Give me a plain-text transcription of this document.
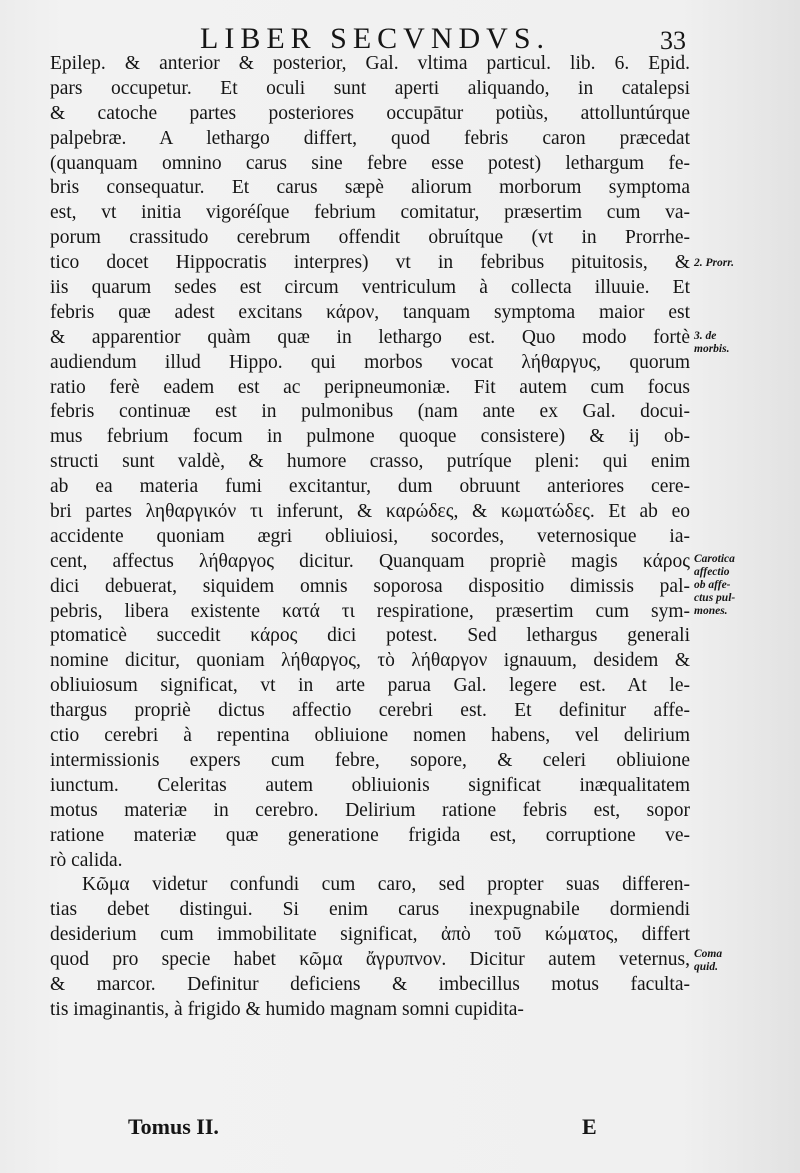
LIBER SECVNDVS.	33
Epilep. & anterior & posterior, Gal. vltima particul. lib. 6. Epid.
pars occupetur. Et oculi sunt aperti aliquando, in catalepsi
& catoche partes posteriores occupātur potiùs, attolluntúrque
palpebræ. A lethargo differt, quod febris caron præcedat
(quanquam omnino carus sine febre esse potest) lethargum fe-
bris consequatur. Et carus sæpè aliorum morborum symptoma
est, vt initia vigoréſque febrium comitatur, præsertim cum va-
porum crassitudo cerebrum offendit obruítque (vt in Prorrhe-
tico docet Hippocratis interpres) vt in febribus pituitosis, &
iis quarum sedes est circum ventriculum à collecta illuuie. Et
febris quæ adest excitans κάρον, tanquam symptoma maior est
& apparentior quàm quæ in lethargo est. Quo modo fortè
audiendum illud Hippo. qui morbos vocat λήθαργυς, quorum
ratio ferè eadem est ac peripneumoniæ. Fit autem cum focus
febris continuæ est in pulmonibus (nam ante ex Gal. docui-
mus febrium focum in pulmone quoque consistere) & ij ob-
structi sunt valdè, & humore crasso, putríque pleni: qui enim
ab ea materia fumi excitantur, dum obruunt anteriores cere-
bri partes ληθαργικόν τι inferunt, & καρώδες, & κωματώδες. Et ab eo
accidente quoniam ægri obliuiosi, socordes, veternosique ia-
cent, affectus λήθαργος dicitur. Quanquam propriè magis κάρος
dici debuerat, siquidem omnis soporosa dispositio dimissis pal-
pebris, libera existente κατά τι respiratione, præsertim cum sym-
ptomaticè succedit κάρος dici potest. Sed lethargus generali
nomine dicitur, quoniam λήθαργος, τὸ λήθαργον ignauum, desidem &
obliuiosum significat, vt in arte parua Gal. legere est. At le-
thargus propriè dictus affectio cerebri est. Et definitur affe-
ctio cerebri à repentina obliuione nomen habens, vel delirium
intermissionis expers cum febre, sopore, & celeri obliuione
iunctum. Celeritas autem obliuionis significat inæqualitatem
motus materiæ in cerebro. Delirium ratione febris est, sopor
ratione materiæ quæ generatione frigida est, corruptione ve-
rò calida.
Κῶμα videtur confundi cum caro, sed propter suas differen-
tias debet distingui. Si enim carus inexpugnabile dormiendi
desiderium cum immobilitate significat, ἀπὸ τοῦ κώματος, differt
quod pro specie habet κῶμα ἄγρυπνον. Dicitur autem veternus,
& marcor. Definitur deficiens & imbecillus motus faculta-
tis imaginantis, à frigido & humido magnam somni cupidita-
2. Prorr.
3. de
morbis.
Carotica
affectio
ob affe-
ctus pul-
mones.
Coma
quid.
Tomus II.	E
